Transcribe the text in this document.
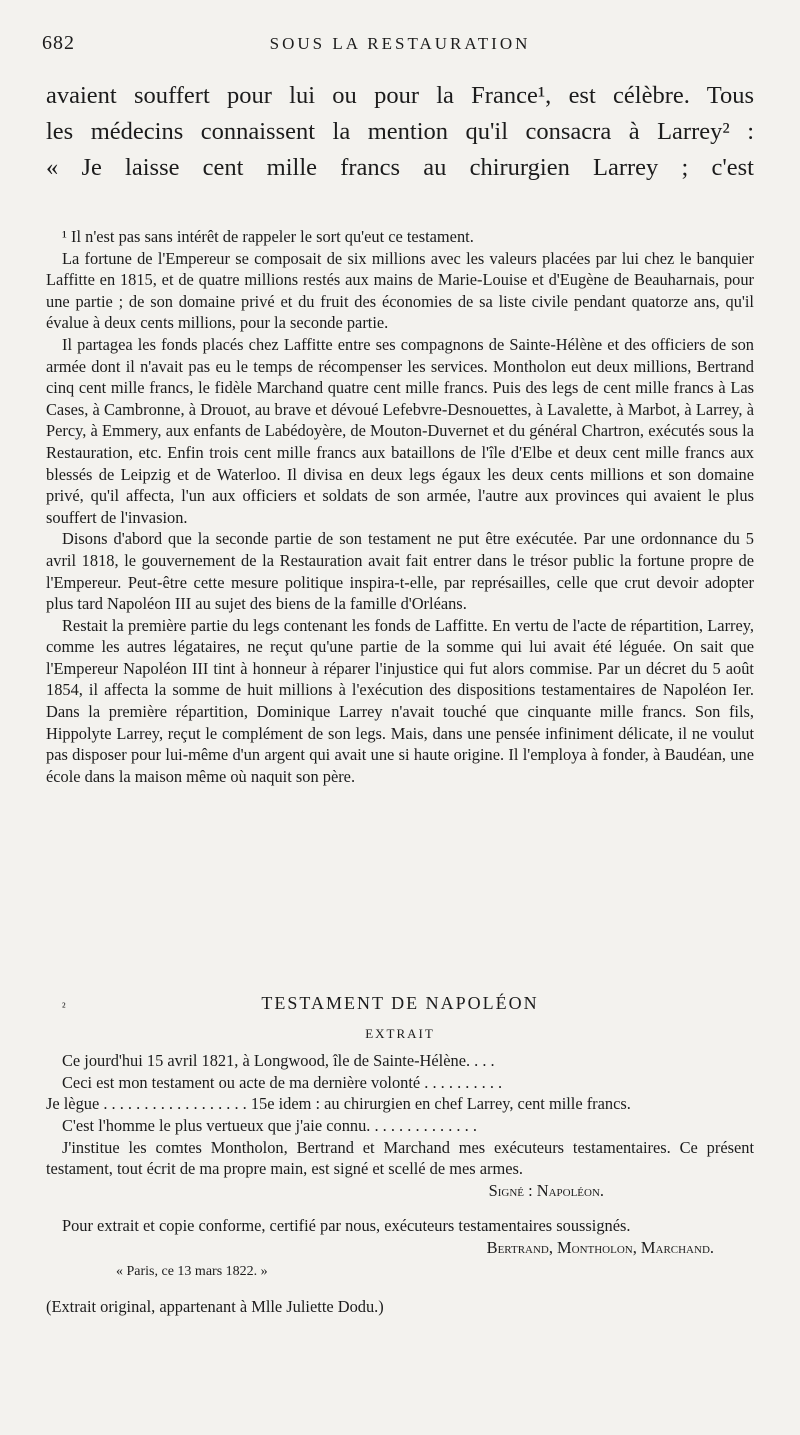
682	SOUS LA RESTAURATION
avaient souffert pour lui ou pour la France¹, est célèbre. Tous
les médecins connaissent la mention qu'il consacra à Larrey² :
« Je laisse cent mille francs au chirurgien Larrey ; c'est

¹ Il n'est pas sans intérêt de rappeler le sort qu'eut ce testament.

La fortune de l'Empereur se composait de six millions avec les valeurs placées par lui chez le banquier Laffitte en 1815, et de quatre millions restés aux mains de Marie-Louise et d'Eugène de Beauharnais, pour une partie ; de son domaine privé et du fruit des économies de sa liste civile pendant quatorze ans, qu'il évalue à deux cents millions, pour la seconde partie.

Il partagea les fonds placés chez Laffitte entre ses compagnons de Sainte-Hélène et des officiers de son armée dont il n'avait pas eu le temps de récompenser les services. Montholon eut deux millions, Bertrand cinq cent mille francs, le fidèle Marchand quatre cent mille francs. Puis des legs de cent mille francs à Las Cases, à Cambronne, à Drouot, au brave et dévoué Lefebvre-Desnouettes, à Lavalette, à Marbot, à Larrey, à Percy, à Emmery, aux enfants de Labédoyère, de Mouton-Duvernet et du général Chartron, exécutés sous la Restauration, etc. Enfin trois cent mille francs aux bataillons de l'île d'Elbe et deux cent mille francs aux blessés de Leipzig et de Waterloo. Il divisa en deux legs égaux les deux cents millions et son domaine privé, qu'il affecta, l'un aux officiers et soldats de son armée, l'autre aux provinces qui avaient le plus souffert de l'invasion.

Disons d'abord que la seconde partie de son testament ne put être exécutée. Par une ordonnance du 5 avril 1818, le gouvernement de la Restauration avait fait entrer dans le trésor public la fortune propre de l'Empereur. Peut-être cette mesure politique inspira-t-elle, par représailles, celle que crut devoir adopter plus tard Napoléon III au sujet des biens de la famille d'Orléans.

Restait la première partie du legs contenant les fonds de Laffitte. En vertu de l'acte de répartition, Larrey, comme les autres légataires, ne reçut qu'une partie de la somme qui lui avait été léguée. On sait que l'Empereur Napoléon III tint à honneur à réparer l'injustice qui fut alors commise. Par un décret du 5 août 1854, il affecta la somme de huit millions à l'exécution des dispositions testamentaires de Napoléon Ier. Dans la première répartition, Dominique Larrey n'avait touché que cinquante mille francs. Son fils, Hippolyte Larrey, reçut le complément de son legs. Mais, dans une pensée infiniment délicate, il ne voulut pas disposer pour lui-même d'un argent qui avait une si haute origine. Il l'employa à fonder, à Baudéan, une école dans la maison même où naquit son père.

²	TESTAMENT DE NAPOLÉON

EXTRAIT

Ce jourd'hui 15 avril 1821, à Longwood, île de Sainte-Hélène. . . .

Ceci est mon testament ou acte de ma dernière volonté . . . . . . . . . .

Je lègue . . . . . . . . . . . . . . . . . . 15e idem : au chirurgien en chef Larrey, cent mille francs.

C'est l'homme le plus vertueux que j'aie connu. . . . . . . . . . . . . .

J'institue les comtes Montholon, Bertrand et Marchand mes exécuteurs testamentaires. Ce présent testament, tout écrit de ma propre main, est signé et scellé de mes armes.

Signé : Napoléon.

Pour extrait et copie conforme, certifié par nous, exécuteurs testamentaires soussignés.

Bertrand, Montholon, Marchand.

« Paris, ce 13 mars 1822. »

(Extrait original, appartenant à Mlle Juliette Dodu.)
